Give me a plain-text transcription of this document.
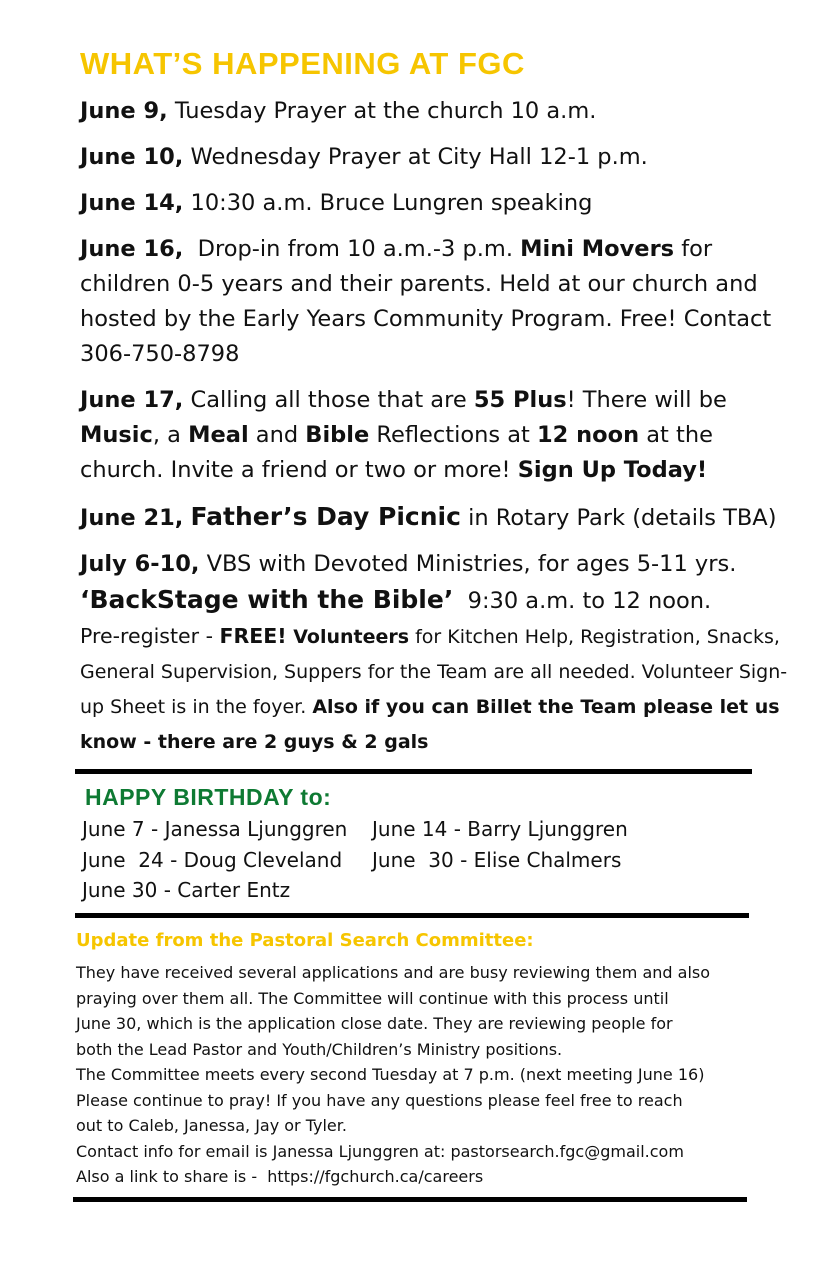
WHAT’S HAPPENING AT FGC

June 9, Tuesday Prayer at the church 10 a.m.

June 10, Wednesday Prayer at City Hall 12-1 p.m.

June 14, 10:30 a.m. Bruce Lungren speaking

June 16,  Drop-in from 10 a.m.-3 p.m. Mini Movers for children 0-5 years and their parents. Held at our church and hosted by the Early Years Community Program. Free! Contact 306-750-8798

June 17, Calling all those that are 55 Plus! There will be Music, a Meal and Bible Reflections at 12 noon at the church. Invite a friend or two or more! Sign Up Today!

June 21, Father’s Day Picnic in Rotary Park (details TBA)

July 6-10, VBS with Devoted Ministries, for ages 5-11 yrs.
‘BackStage with the Bible’  9:30 a.m. to 12 noon.
Pre-register - FREE! Volunteers for Kitchen Help, Registration, Snacks, General Supervision, Suppers for the Team are all needed. Volunteer Sign-up Sheet is in the foyer. Also if you can Billet the Team please let us know - there are 2 guys & 2 gals

HAPPY BIRTHDAY to:
June 7 - Janessa Ljunggren
June  24 - Doug Cleveland
June 30 - Carter Entz
June 14 - Barry Ljunggren
June  30 - Elise Chalmers
Update from the Pastoral Search Committee:
They have received several applications and are busy reviewing them and also
praying over them all. The Committee will continue with this process until
June 30, which is the application close date. They are reviewing people for
both the Lead Pastor and Youth/Children’s Ministry positions.
The Committee meets every second Tuesday at 7 p.m. (next meeting June 16)
Please continue to pray! If you have any questions please feel free to reach
out to Caleb, Janessa, Jay or Tyler.
Contact info for email is Janessa Ljunggren at: pastorsearch.fgc@gmail.com
Also a link to share is -  https://fgchurch.ca/careers
